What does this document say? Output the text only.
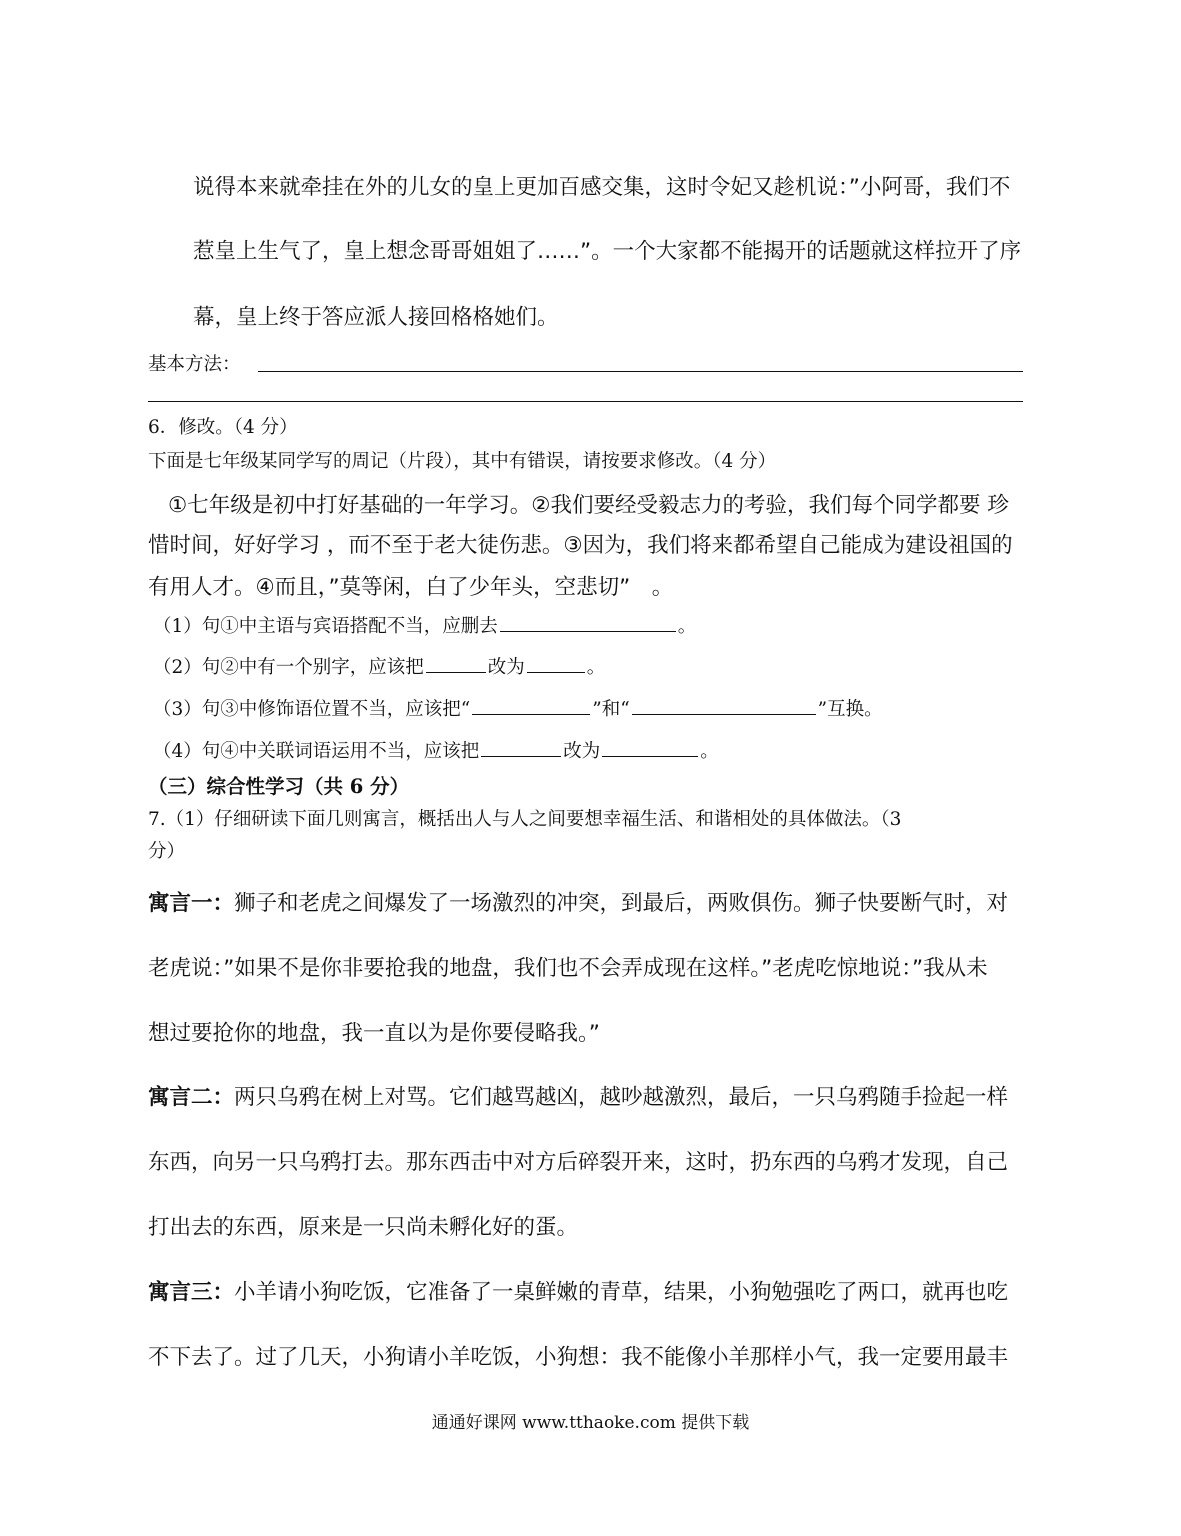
说得本来就牵挂在外的儿女的皇上更加百感交集，这时令妃又趁机说：”小阿哥，我们不
惹皇上生气了，皇上想念哥哥姐姐了……”。一个大家都不能揭开的话题就这样拉开了序
幕，皇上终于答应派人接回格格她们。
基本方法：
6．修改。（4 分）
下面是七年级某同学写的周记（片段），其中有错误，请按要求修改。（4 分）
①七年级是初中打好基础的一年学习。②我们要经受毅志力的考验，我们每个同学都要 珍
惜时间，好好学习 ，而不至于老大徒伤悲。③因为，我们将来都希望自己能成为建设祖国的
有用人才。④而且，”莫等闲，白了少年头，空悲切”　。
（1）句①中主语与宾语搭配不当，应删去	。
（2）句②中有一个别字，应该把	改为	。
（3）句③中修饰语位置不当，应该把“	”和“	”互换。
（4）句④中关联词语运用不当，应该把	改为	。
（三）综合性学习（共 6 分）
7.（1）仔细研读下面几则寓言，概括出人与人之间要想幸福生活、和谐相处的具体做法。（3
分）
寓言一：狮子和老虎之间爆发了一场激烈的冲突，到最后，两败俱伤。狮子快要断气时，对
老虎说：”如果不是你非要抢我的地盘，我们也不会弄成现在这样。”老虎吃惊地说：”我从未
想过要抢你的地盘，我一直以为是你要侵略我。”
寓言二：两只乌鸦在树上对骂。它们越骂越凶，越吵越激烈，最后，一只乌鸦随手捡起一样
东西，向另一只乌鸦打去。那东西击中对方后碎裂开来，这时，扔东西的乌鸦才发现，自己
打出去的东西，原来是一只尚未孵化好的蛋。
寓言三：小羊请小狗吃饭，它准备了一桌鲜嫩的青草，结果，小狗勉强吃了两口，就再也吃
不下去了。过了几天，小狗请小羊吃饭，小狗想：我不能像小羊那样小气，我一定要用最丰
通通好课网 www.tthaoke.com 提供下载
